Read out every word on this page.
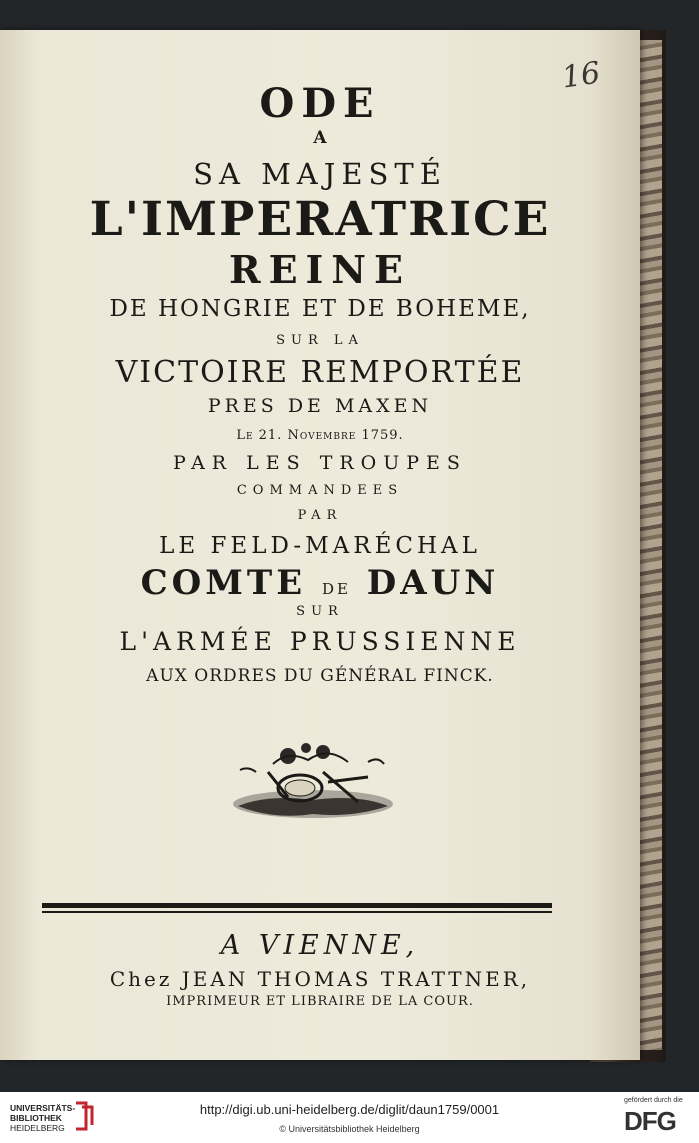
16
ODE
A
SA MAJESTÉ
L'IMPERATRICE
REINE
DE HONGRIE ET DE BOHEME,
SUR LA
VICTOIRE REMPORTÉE
PRES DE MAXEN
Le 21. Novembre 1759.
PAR LES TROUPES
COMMANDEES
PAR
LE FELD-MARÉCHAL
COMTE DE DAUN
SUR
L'ARMÉE PRUSSIENNE
AUX ORDRES DU GÉNÉRAL FINCK.
A VIENNE,
Chez JEAN THOMAS TRATTNER,
IMPRIMEUR ET LIBRAIRE DE LA COUR.
UNIVERSITÄTS-
BIBLIOTHEK
HEIDELBERG
http://digi.ub.uni-heidelberg.de/diglit/daun1759/0001
© Universitätsbibliothek Heidelberg
gefördert durch die
DFG
